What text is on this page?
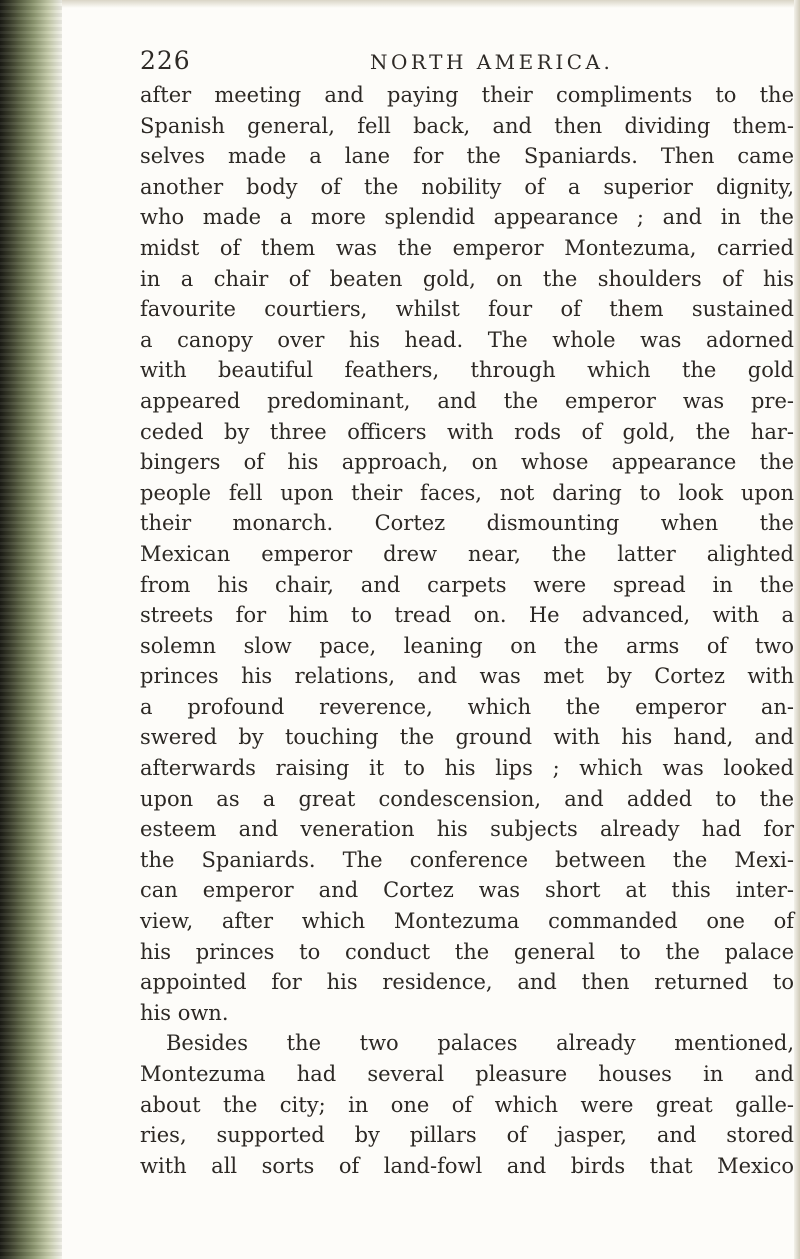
226	NORTH AMERICA.
after meeting and paying their compliments to the
Spanish general, fell back, and then dividing them-
selves made a lane for the Spaniards. Then came
another body of the nobility of a superior dignity,
who made a more splendid appearance ; and in the
midst of them was the emperor Montezuma, carried
in a chair of beaten gold, on the shoulders of his
favourite courtiers, whilst four of them sustained
a canopy over his head. The whole was adorned
with beautiful feathers, through which the gold
appeared predominant, and the emperor was pre-
ceded by three officers with rods of gold, the har-
bingers of his approach, on whose appearance the
people fell upon their faces, not daring to look upon
their monarch. Cortez dismounting when the
Mexican emperor drew near, the latter alighted
from his chair, and carpets were spread in the
streets for him to tread on. He advanced, with a
solemn slow pace, leaning on the arms of two
princes his relations, and was met by Cortez with
a profound reverence, which the emperor an-
swered by touching the ground with his hand, and
afterwards raising it to his lips ; which was looked
upon as a great condescension, and added to the
esteem and veneration his subjects already had for
the Spaniards. The conference between the Mexi-
can emperor and Cortez was short at this inter-
view, after which Montezuma commanded one of
his princes to conduct the general to the palace
appointed for his residence, and then returned to
his own.
Besides the two palaces already mentioned,
Montezuma had several pleasure houses in and
about the city; in one of which were great galle-
ries, supported by pillars of jasper, and stored
with all sorts of land-fowl and birds that Mexico
